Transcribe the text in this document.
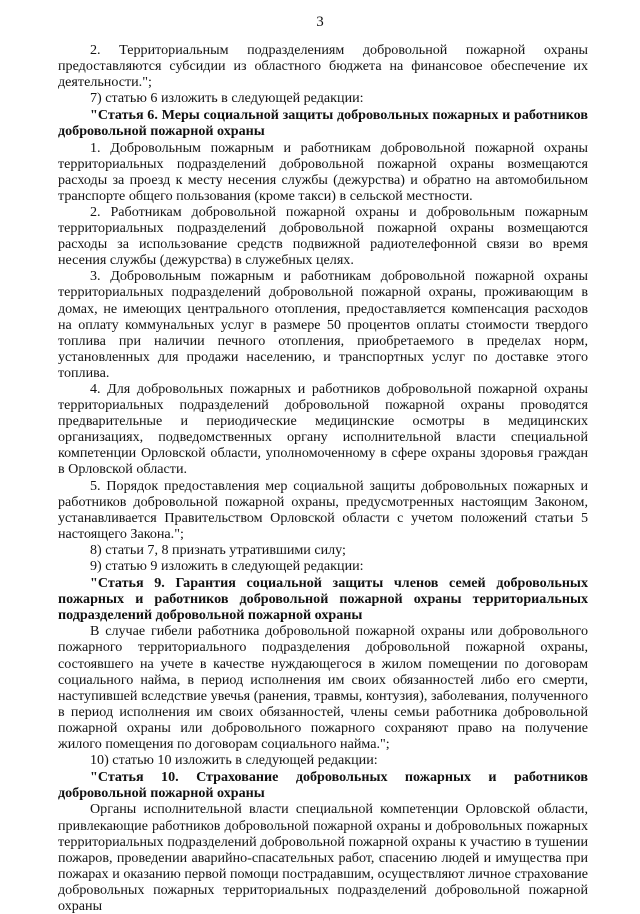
3

2. Территориальным подразделениям добровольной пожарной охраны предоставляются субсидии из областного бюджета на финансовое обеспечение их деятельности.";

7) статью 6 изложить в следующей редакции:

"Статья 6. Меры социальной защиты добровольных пожарных и работников добровольной пожарной охраны

1. Добровольным пожарным и работникам добровольной пожарной охраны территориальных подразделений добровольной пожарной охраны возмещаются расходы за проезд к месту несения службы (дежурства) и обратно на автомобильном транспорте общего пользования (кроме такси) в сельской местности.

2. Работникам добровольной пожарной охраны и добровольным пожарным территориальных подразделений добровольной пожарной охраны возмещаются расходы за использование средств подвижной радиотелефонной связи во время несения службы (дежурства) в служебных целях.

3. Добровольным пожарным и работникам добровольной пожарной охраны территориальных подразделений добровольной пожарной охраны, проживающим в домах, не имеющих центрального отопления, предоставляется компенсация расходов на оплату коммунальных услуг в размере 50 процентов оплаты стоимости твердого топлива при наличии печного отопления, приобретаемого в пределах норм, установленных для продажи населению, и транспортных услуг по доставке этого топлива.

4. Для добровольных пожарных и работников добровольной пожарной охраны территориальных подразделений добровольной пожарной охраны проводятся предварительные и периодические медицинские осмотры в медицинских организациях, подведомственных органу исполнительной власти специальной компетенции Орловской области, уполномоченному в сфере охраны здоровья граждан в Орловской области.

5. Порядок предоставления мер социальной защиты добровольных пожарных и работников добровольной пожарной охраны, предусмотренных настоящим Законом, устанавливается Правительством Орловской области с учетом положений статьи 5 настоящего Закона.";

8) статьи 7, 8 признать утратившими силу;

9) статью 9 изложить в следующей редакции:

"Статья 9. Гарантия социальной защиты членов семей добровольных пожарных и работников добровольной пожарной охраны территориальных подразделений добровольной пожарной охраны

В случае гибели работника добровольной пожарной охраны или добровольного пожарного территориального подразделения добровольной пожарной охраны, состоявшего на учете в качестве нуждающегося в жилом помещении по договорам социального найма, в период исполнения им своих обязанностей либо его смерти, наступившей вследствие увечья (ранения, травмы, контузия), заболевания, полученного в период исполнения им своих обязанностей, члены семьи работника добровольной пожарной охраны или добровольного пожарного сохраняют право на получение жилого помещения по договорам социального найма.";

10) статью 10 изложить в следующей редакции:

"Статья 10. Страхование добровольных пожарных и работников добровольной пожарной охраны

Органы исполнительной власти специальной компетенции Орловской области, привлекающие работников добровольной пожарной охраны и добровольных пожарных территориальных подразделений добровольной пожарной охраны к участию в тушении пожаров, проведении аварийно-спасательных работ, спасению людей и имущества при пожарах и оказанию первой помощи пострадавшим, осуществляют личное страхование добровольных пожарных территориальных подразделений добровольной пожарной охраны
